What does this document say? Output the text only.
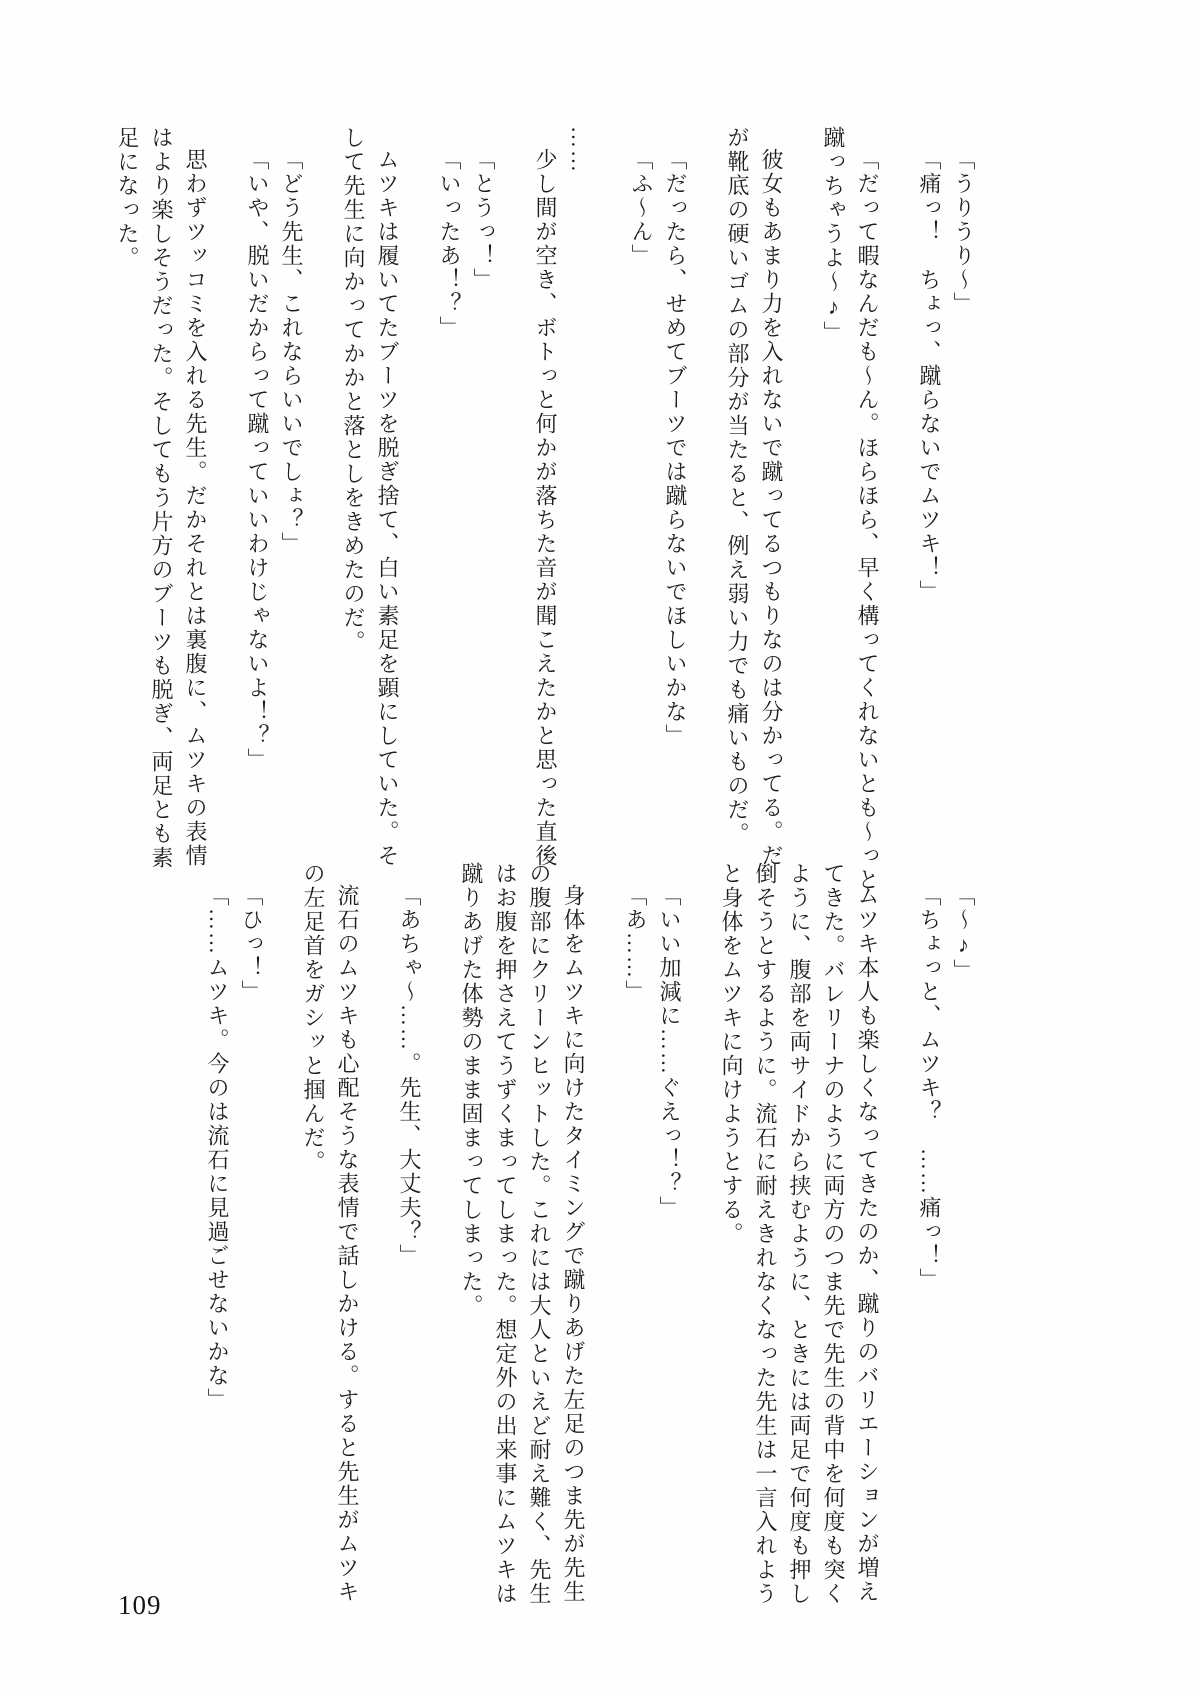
「うりうり～」
「痛っ！　ちょっ、蹴らないでムツキ！」
「だって暇なんだも～ん。ほらほら、早く構ってくれないとも～っと
蹴っちゃうよ～♪」
彼女もあまり力を入れないで蹴ってるつもりなのは分かってる。だ
が靴底の硬いゴムの部分が当たると、例え弱い力でも痛いものだ。
「だったら、せめてブーツでは蹴らないでほしいかな」
「ふ～ん」
……
少し間が空き、ボトっと何かが落ちた音が聞こえたかと思った直後
「とうっ！」
「いったあ！？」
ムツキは履いてたブーツを脱ぎ捨て、白い素足を顕にしていた。そ
して先生に向かってかかと落としをきめたのだ。
「どう先生、これならいいでしょ？」
「いや、脱いだからって蹴っていいわけじゃないよ！？」
思わずツッコミを入れる先生。だかそれとは裏腹に、ムツキの表情
はより楽しそうだった。そしてもう片方のブーツも脱ぎ、両足とも素
足になった。
「～♪」
「ちょっと、ムツキ？　……痛っ！」
ムツキ本人も楽しくなってきたのか、蹴りのバリエーションが増え
てきた。バレリーナのように両方のつま先で先生の背中を何度も突く
ように、腹部を両サイドから挟むように、ときには両足で何度も押し
倒そうとするように。流石に耐えきれなくなった先生は一言入れよう
と身体をムツキに向けようとする。
「いい加減に……ぐえっ！？」
「あ……」
身体をムツキに向けたタイミングで蹴りあげた左足のつま先が先生
の腹部にクリーンヒットした。これには大人といえど耐え難く、先生
はお腹を押さえてうずくまってしまった。想定外の出来事にムツキは
蹴りあげた体勢のまま固まってしまった。
「あちゃ～……。先生、大丈夫？」
流石のムツキも心配そうな表情で話しかける。すると先生がムツキ
の左足首をガシッと掴んだ。
「ひっ！」
「……ムツキ。今のは流石に見過ごせないかな」
109
